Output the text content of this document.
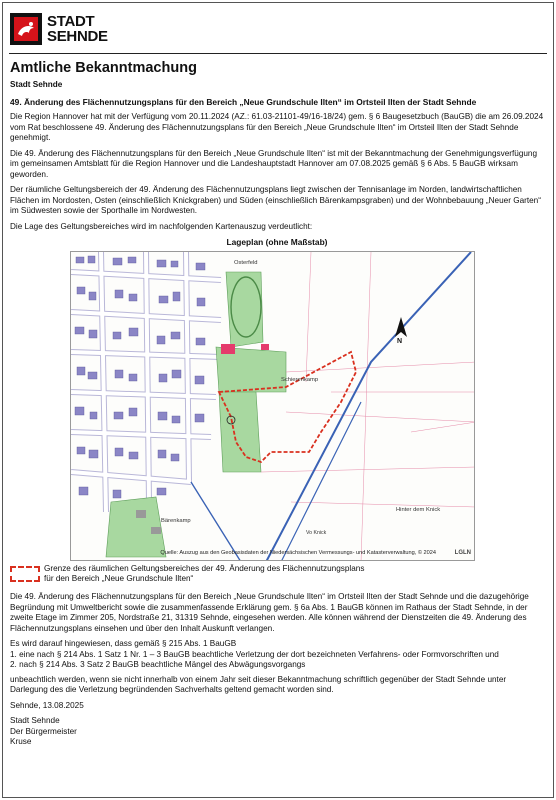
STADT
SEHNDE
Amtliche Bekanntmachung
Stadt Sehnde
49. Änderung des Flächennutzungsplans für den Bereich „Neue Grundschule Ilten“ im Ortsteil Ilten der Stadt Sehnde

Die Region Hannover hat mit der Verfügung vom 20.11.2024 (AZ.: 61.03-21101-49/16-18/24) gem. § 6 Baugesetzbuch (BauGB) die am 26.09.2024 vom Rat beschlossene 49. Änderung des Flächennutzungsplans für den Bereich „Neue Grundschule Ilten“ im Ortsteil Ilten der Stadt Sehnde genehmigt.

Die 49. Änderung des Flächennutzungsplans für den Bereich „Neue Grundschule Ilten“ ist mit der Bekanntmachung der Genehmigungsverfügung im gemeinsamen Amtsblatt für die Region Hannover und die Landeshauptstadt Hannover am 07.08.2025 gemäß § 6 Abs. 5 BauGB wirksam geworden.

Der räumliche Geltungsbereich der 49. Änderung des Flächennutzungsplans liegt zwischen der Tennisanlage im Norden, landwirtschaftlichen Flächen im Nordosten, Osten (einschließlich Knickgraben) und Süden (einschließlich Bärenkampsgraben) und der Wohnbebauung „Neuer Garten“ im Südwesten sowie der Sporthalle im Nordwesten.

Die Lage des Geltungsbereiches wird im nachfolgenden Kartenauszug verdeutlicht:

Lageplan (ohne Maßstab)
Osterfeld
Schierenkamp
Bärenkamp
Hinter dem Knick
Vo Knick
N
Quelle: Auszug aus den Geobasisdaten der Niedersächsischen Vermessungs- und Katasterverwaltung, © 2024	LGLN
Grenze des räumlichen Geltungsbereiches der 49. Änderung des Flächennutzungsplans
für den Bereich „Neue Grundschule Ilten“

Die 49. Änderung des Flächennutzungsplans für den Bereich „Neue Grundschule Ilten“ im Ortsteil Ilten der Stadt Sehnde und die dazugehörige Begründung mit Umweltbericht sowie die zusammenfassende Erklärung gem. § 6a Abs. 1 BauGB können im Rathaus der Stadt Sehnde, in der zweite Etage im Zimmer 205, Nordstraße 21, 31319 Sehnde, eingesehen werden. Alle können während der Dienstzeiten die 49. Änderung des Flächennutzungsplans einsehen und über den Inhalt Auskunft verlangen.

Es wird darauf hingewiesen, dass gemäß § 215 Abs. 1 BauGB
1. eine nach § 214 Abs. 1 Satz 1 Nr. 1 – 3 BauGB beachtliche Verletzung der dort bezeichneten Verfahrens- oder Formvorschriften und
2. nach § 214 Abs. 3 Satz 2 BauGB beachtliche Mängel des Abwägungsvorgangs

unbeachtlich werden, wenn sie nicht innerhalb von einem Jahr seit dieser Bekanntmachung schriftlich gegenüber der Stadt Sehnde unter Darlegung des die Verletzung begründenden Sachverhalts geltend gemacht worden sind.

Sehnde, 13.08.2025

Stadt Sehnde
Der Bürgermeister
Kruse
